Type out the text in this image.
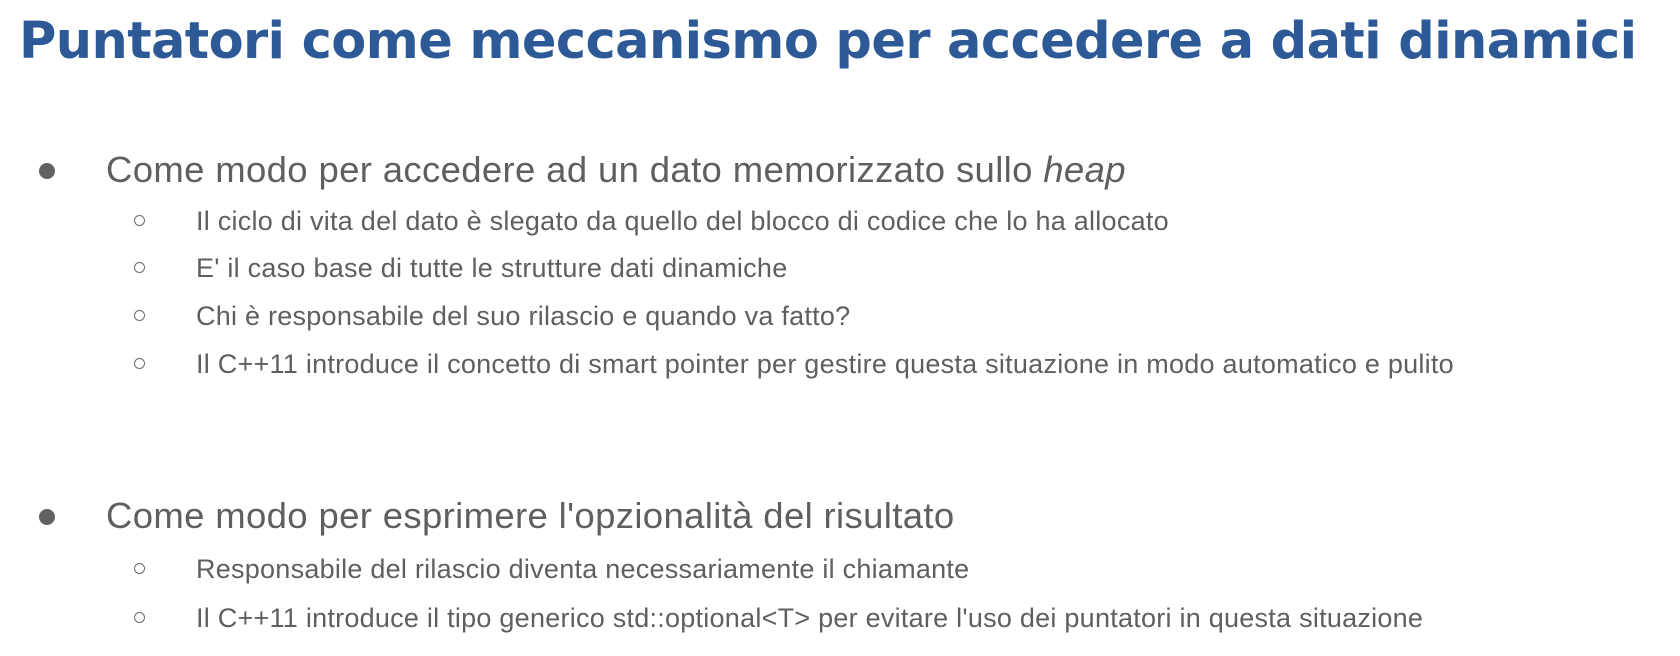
Puntatori come meccanismo per accedere a dati dinamici
Come modo per accedere ad un dato memorizzato sullo heap
Il ciclo di vita del dato è slegato da quello del blocco di codice che lo ha allocato
E' il caso base di tutte le strutture dati dinamiche
Chi è responsabile del suo rilascio e quando va fatto?
Il C++11 introduce il concetto di smart pointer per gestire questa situazione in modo automatico e pulito
Come modo per esprimere l'opzionalità del risultato
Responsabile del rilascio diventa necessariamente il chiamante
Il C++11 introduce il tipo generico std::optional<T> per evitare l'uso dei puntatori in questa situazione
